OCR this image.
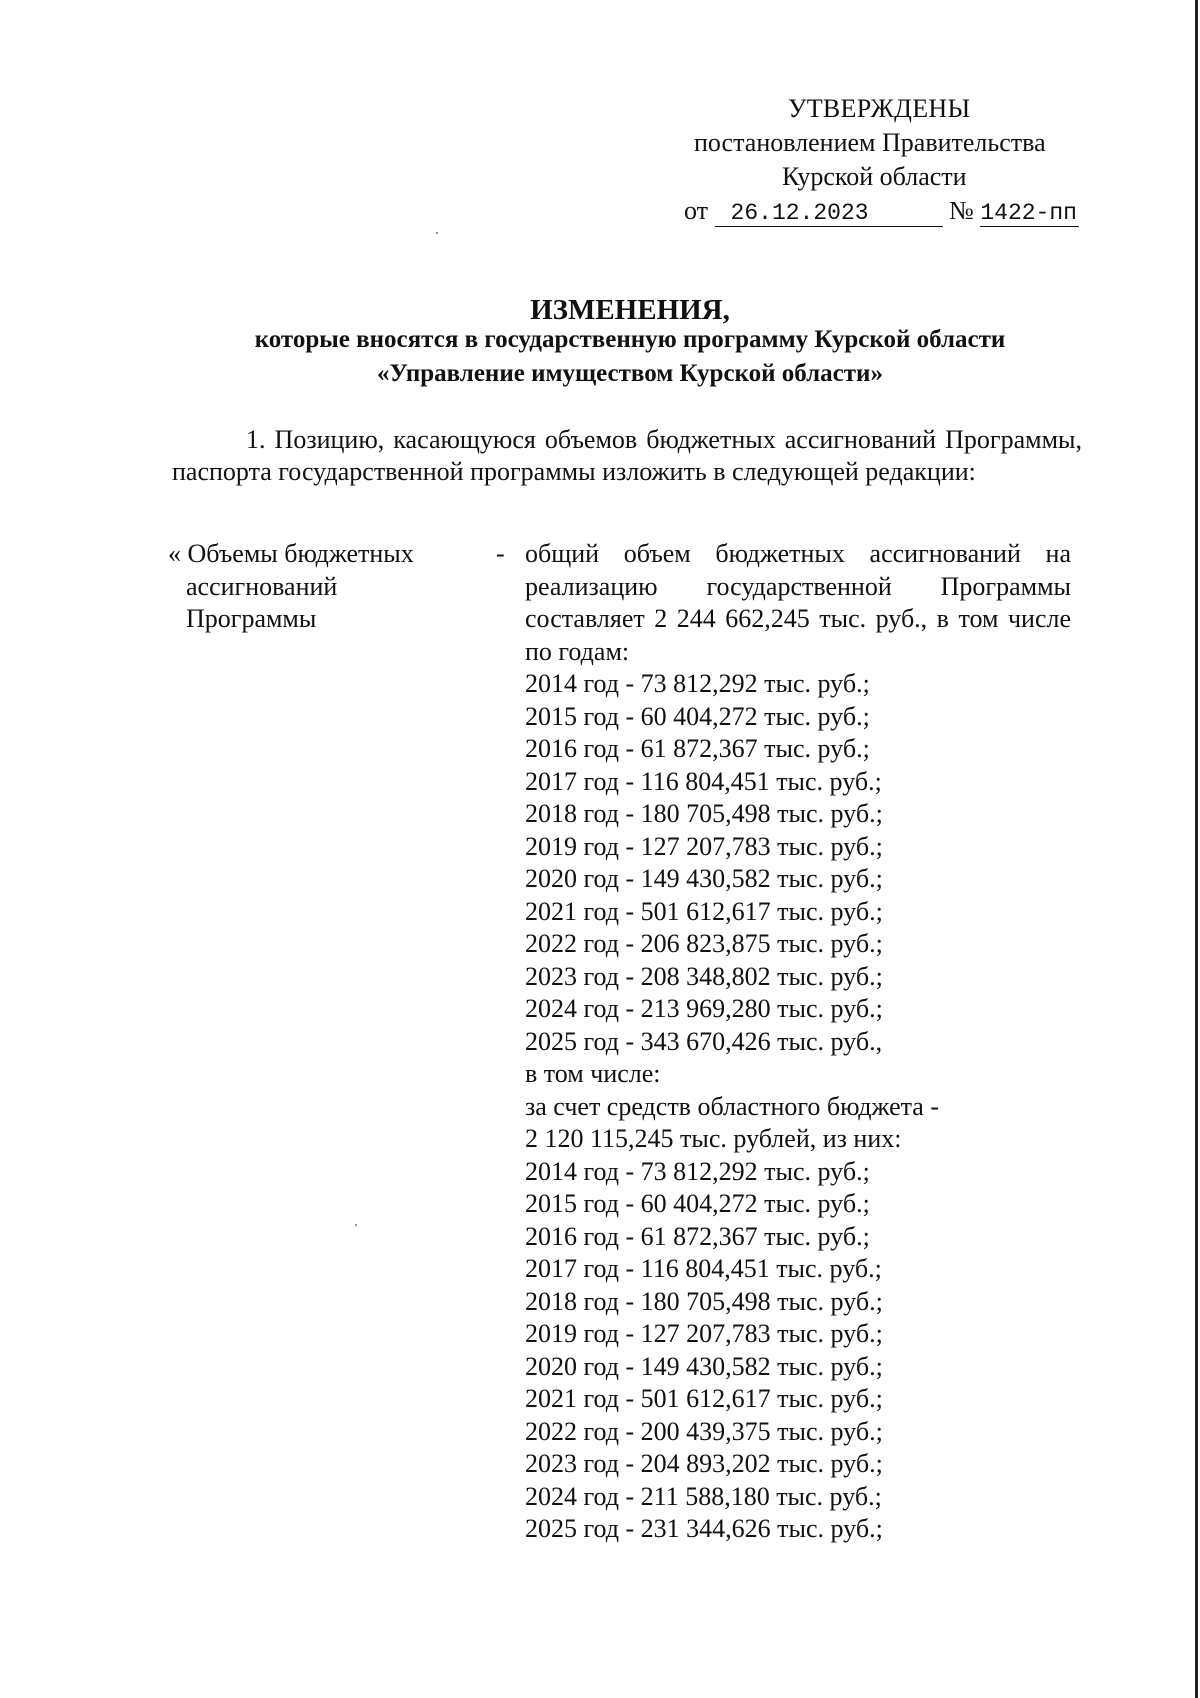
УТВЕРЖДЕНЫ
постановлением Правительства
Курской области
от 26.12.2023	№ 1422-пп
ИЗМЕНЕНИЯ,
которые вносятся в государственную программу Курской области
«Управление имуществом Курской области»
1. Позицию, касающуюся объемов бюджетных ассигнований Программы, паспорта государственной программы изложить в следующей редакции:
« Объемы бюджетных
ассигнований
Программы
- общий объем бюджетных ассигнований на реализацию государственной Программы составляет 2 244 662,245 тыс. руб., в том числе по годам:
2014 год - 73 812,292 тыс. руб.;
2015 год - 60 404,272 тыс. руб.;
2016 год - 61 872,367 тыс. руб.;
2017 год - 116 804,451 тыс. руб.;
2018 год - 180 705,498 тыс. руб.;
2019 год - 127 207,783 тыс. руб.;
2020 год - 149 430,582 тыс. руб.;
2021 год - 501 612,617 тыс. руб.;
2022 год - 206 823,875 тыс. руб.;
2023 год - 208 348,802 тыс. руб.;
2024 год - 213 969,280 тыс. руб.;
2025 год - 343 670,426 тыс. руб.,
в том числе:
за счет средств областного бюджета -
2 120 115,245 тыс. рублей, из них:
2014 год - 73 812,292 тыс. руб.;
2015 год - 60 404,272 тыс. руб.;
2016 год - 61 872,367 тыс. руб.;
2017 год - 116 804,451 тыс. руб.;
2018 год - 180 705,498 тыс. руб.;
2019 год - 127 207,783 тыс. руб.;
2020 год - 149 430,582 тыс. руб.;
2021 год - 501 612,617 тыс. руб.;
2022 год - 200 439,375 тыс. руб.;
2023 год - 204 893,202 тыс. руб.;
2024 год - 211 588,180 тыс. руб.;
2025 год - 231 344,626 тыс. руб.;
